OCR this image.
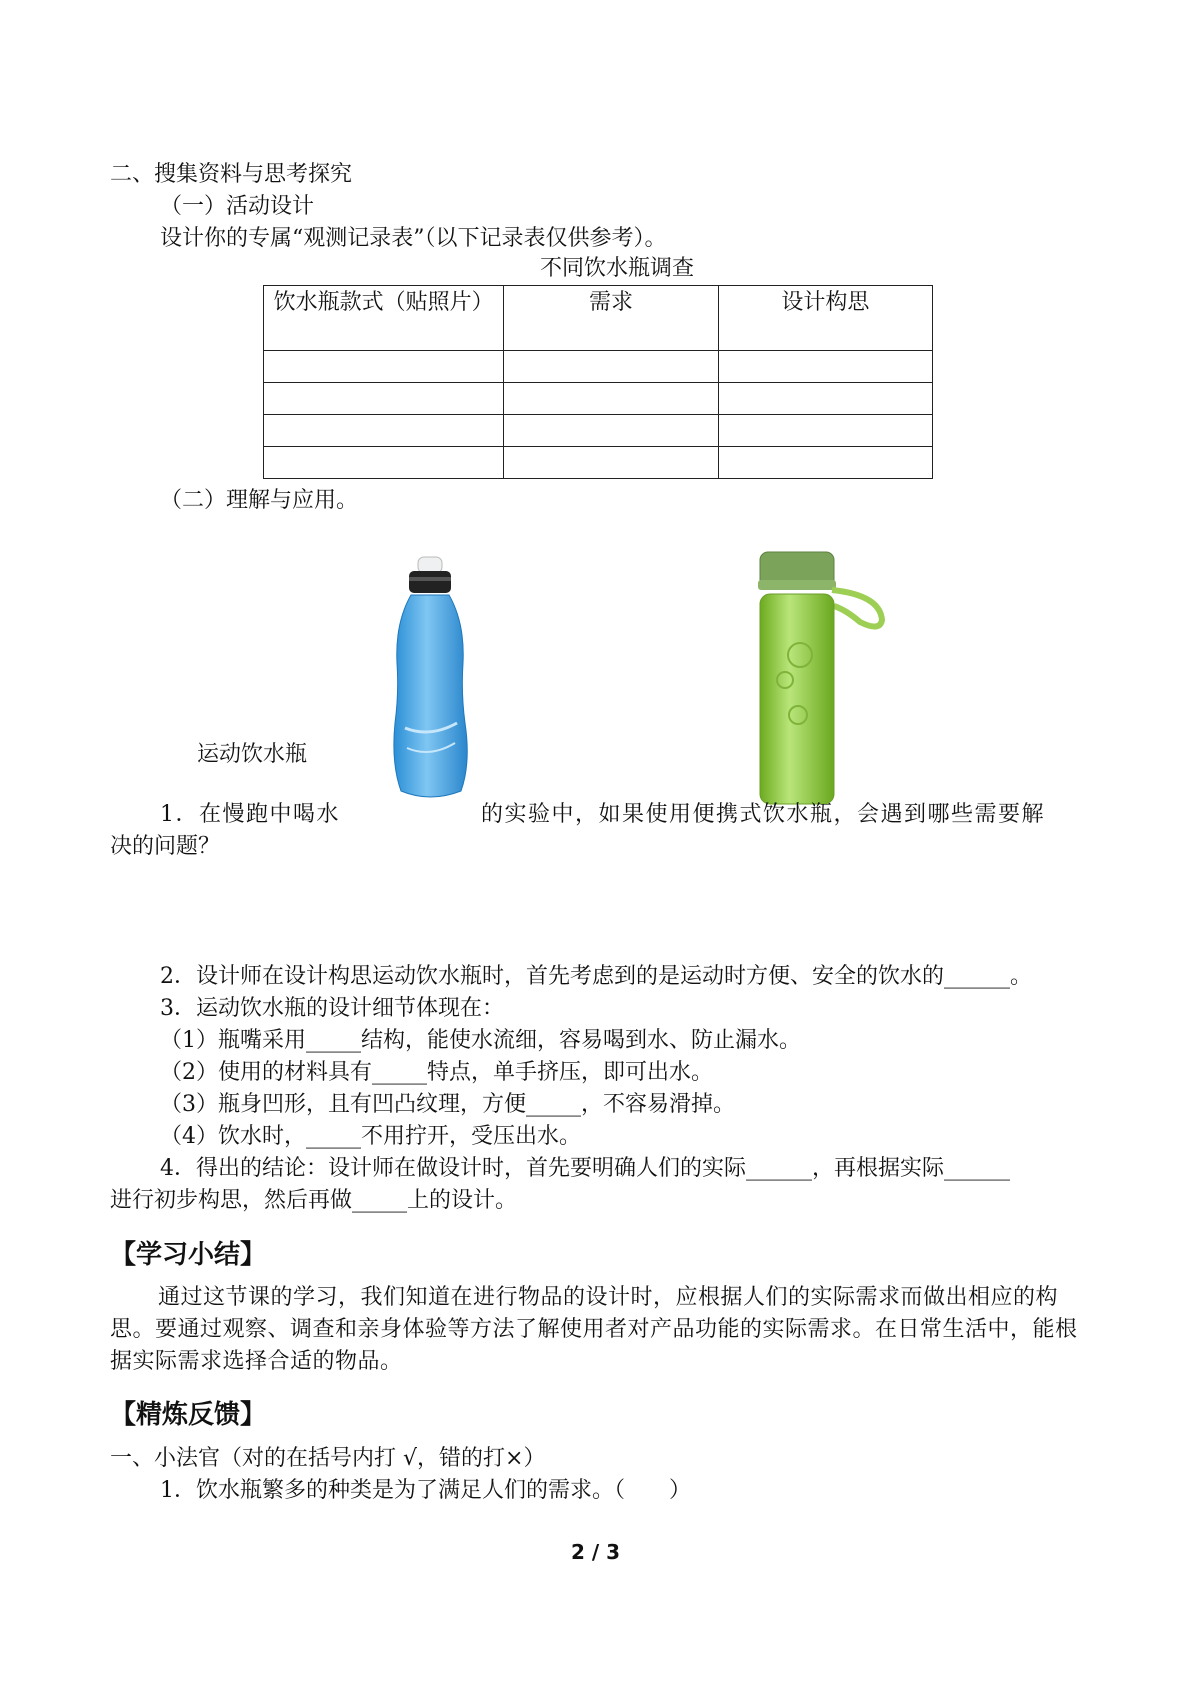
二、搜集资料与思考探究
（一）活动设计
设计你的专属“观测记录表”（以下记录表仅供参考）。
不同饮水瓶调查
饮水瓶款式（贴照片）	需求	设计构思

（二）理解与应用。
运动饮水瓶
1．在慢跑中喝水　　　　　　的实验中，如果使用便携式饮水瓶，会遇到哪些需要解
决的问题？
2．设计师在设计构思运动饮水瓶时，首先考虑到的是运动时方便、安全的饮水的______。
3．运动饮水瓶的设计细节体现在：
（1）瓶嘴采用_____结构，能使水流细，容易喝到水、防止漏水。
（2）使用的材料具有_____特点，单手挤压，即可出水。
（3）瓶身凹形，且有凹凸纹理，方便_____，不容易滑掉。
（4）饮水时，_____不用拧开，受压出水。
4．得出的结论：设计师在做设计时，首先要明确人们的实际______，再根据实际______
进行初步构思，然后再做_____上的设计。
【学习小结】
通过这节课的学习，我们知道在进行物品的设计时，应根据人们的实际需求而做出相应的构思。要通过观察、调查和亲身体验等方法了解使用者对产品功能的实际需求。在日常生活中，能根据实际需求选择合适的物品。
【精炼反馈】
一、小法官（对的在括号内打 √，错的打×）
1．饮水瓶繁多的种类是为了满足人们的需求。（　　）
2 / 3
